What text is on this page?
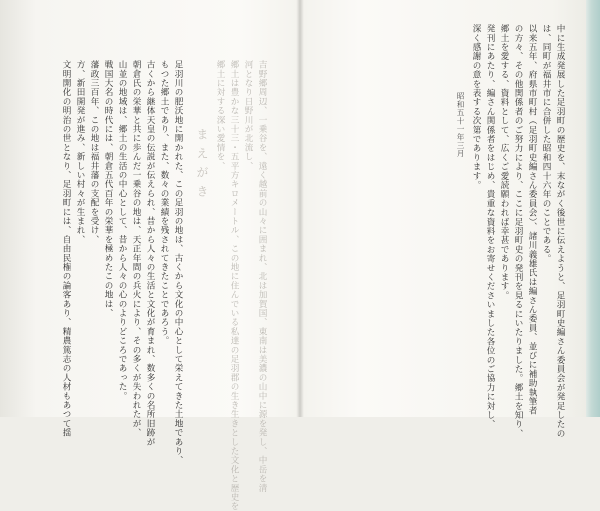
吉野郷周辺、一乗谷を、遠く越前の山々に囲まれ、北は加賀国、東南は美濃の山中に源を発し、中岳を清
河となり日野川が北流し、
郷土は豊かな三十三・五平方キロメートル、この地に住んでいる私達の足羽郡の生き生きとした文化と歴史を
郷土に対する深い愛情を、
まえがき
足羽川の肥沃地に開かれた、この足羽の地は、古くから文化の中心として栄えてきた土地であり、
もつた郷土であり、また、数々の業績を残されてきたことであろう。
古くから継体天皇の伝説が伝えられ、昔から人々の生活と文化が育まれ、数多くの名所旧跡が
朝倉氏の栄華と共に歩んだ一乗谷の地は、天正年間の兵火により、その多くが失われたが、
山並の地域は、郷土の生活の中心として、昔から人々の心のよりどころであった。
戦国大名の時代には、朝倉五代百年の栄華を極めたこの地は、
藩政三百年、この地は福井藩の支配を受け、
方、新田開発が進み、新しい村々が生まれ、
文明開化の明治の世となり、足羽町には、自由民権の論客あり、精農篤志の人材もあつて揺	中に生成発展した足羽町の歴史を、末ながく後世に伝えようと、足羽町史編さん委員会が発足したの
は、同町が福井市に合併した昭和四十六年のことである。
以来五年、府県市町村（足羽町史編さん委員会）、諸川義雄氏は編さん委員、並びに補助執筆者
の方々、その他関係者のご努力により、ここに足羽町史の発刊を見るにいたりました。郷土を知り、
郷土を愛する、資料として、広くご愛読願われば幸甚であります。
発刊にあたり、編さん関係者をはじめ、貴重な資料をお寄せくださいました各位のご協力に対し、
深く感謝の意を表する次第であります。
昭和五十一年三月
